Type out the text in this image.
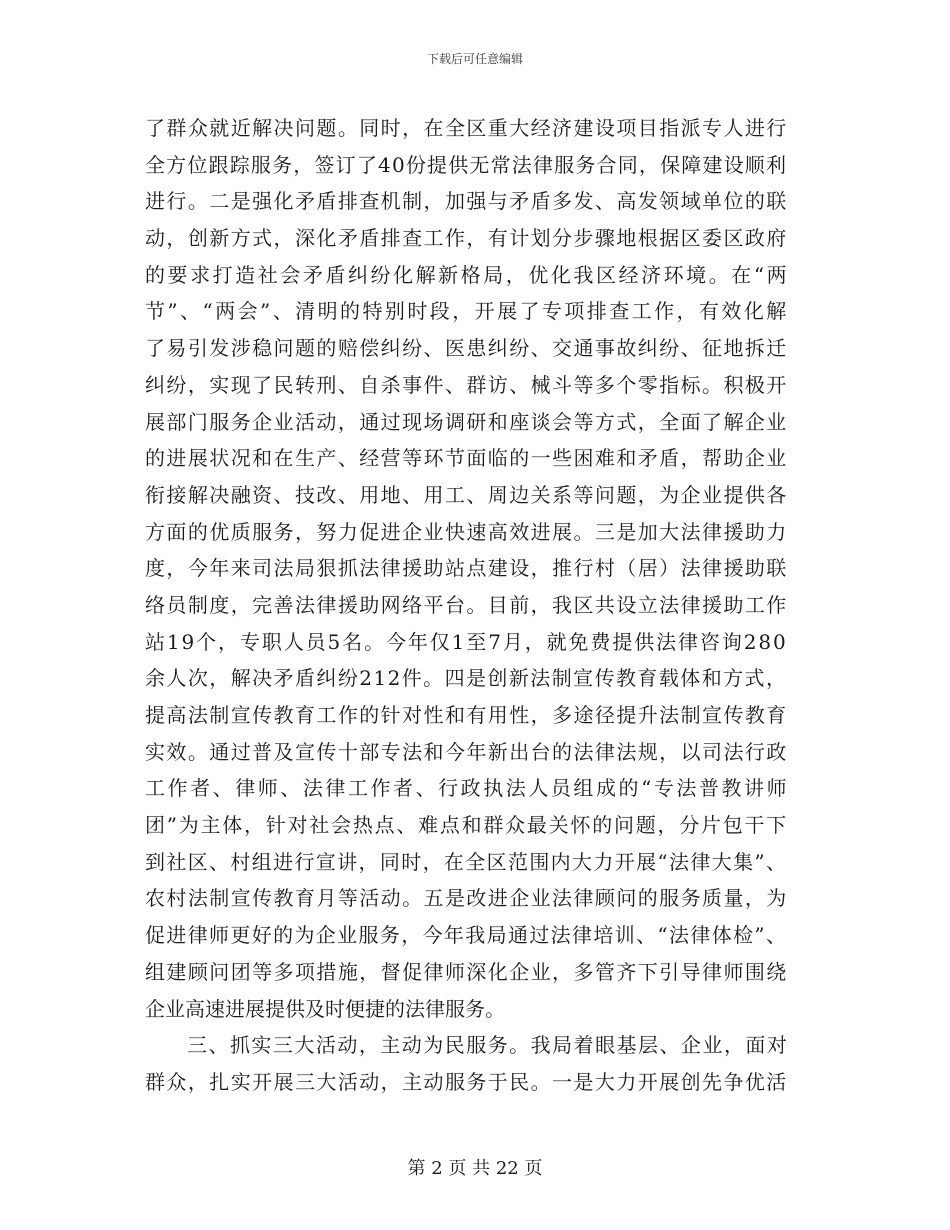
下载后可任意编辑
了群众就近解决问题。同时，在全区重大经济建设项目指派专人进行
全方位跟踪服务，签订了40份提供无常法律服务合同，保障建设顺利
进行。二是强化矛盾排查机制，加强与矛盾多发、高发领域单位的联
动，创新方式，深化矛盾排查工作，有计划分步骤地根据区委区政府
的要求打造社会矛盾纠纷化解新格局，优化我区经济环境。在“两
节”、“两会”、清明的特别时段，开展了专项排查工作，有效化解
了易引发涉稳问题的赔偿纠纷、医患纠纷、交通事故纠纷、征地拆迁
纠纷，实现了民转刑、自杀事件、群访、械斗等多个零指标。积极开
展部门服务企业活动，通过现场调研和座谈会等方式，全面了解企业
的进展状况和在生产、经营等环节面临的一些困难和矛盾，帮助企业
衔接解决融资、技改、用地、用工、周边关系等问题，为企业提供各
方面的优质服务，努力促进企业快速高效进展。三是加大法律援助力
度，今年来司法局狠抓法律援助站点建设，推行村（居）法律援助联
络员制度，完善法律援助网络平台。目前，我区共设立法律援助工作
站19个，专职人员5名。今年仅1至7月，就免费提供法律咨询280
余人次，解决矛盾纠纷212件。四是创新法制宣传教育载体和方式，
提高法制宣传教育工作的针对性和有用性，多途径提升法制宣传教育
实效。通过普及宣传十部专法和今年新出台的法律法规，以司法行政
工作者、律师、法律工作者、行政执法人员组成的“专法普教讲师
团”为主体，针对社会热点、难点和群众最关怀的问题，分片包干下
到社区、村组进行宣讲，同时，在全区范围内大力开展“法律大集”、
农村法制宣传教育月等活动。五是改进企业法律顾问的服务质量，为
促进律师更好的为企业服务，今年我局通过法律培训、“法律体检”、
组建顾问团等多项措施，督促律师深化企业，多管齐下引导律师围绕
企业高速进展提供及时便捷的法律服务。
三、抓实三大活动，主动为民服务。我局着眼基层、企业，面对
群众，扎实开展三大活动，主动服务于民。一是大力开展创先争优活
第 2 页 共 22 页
